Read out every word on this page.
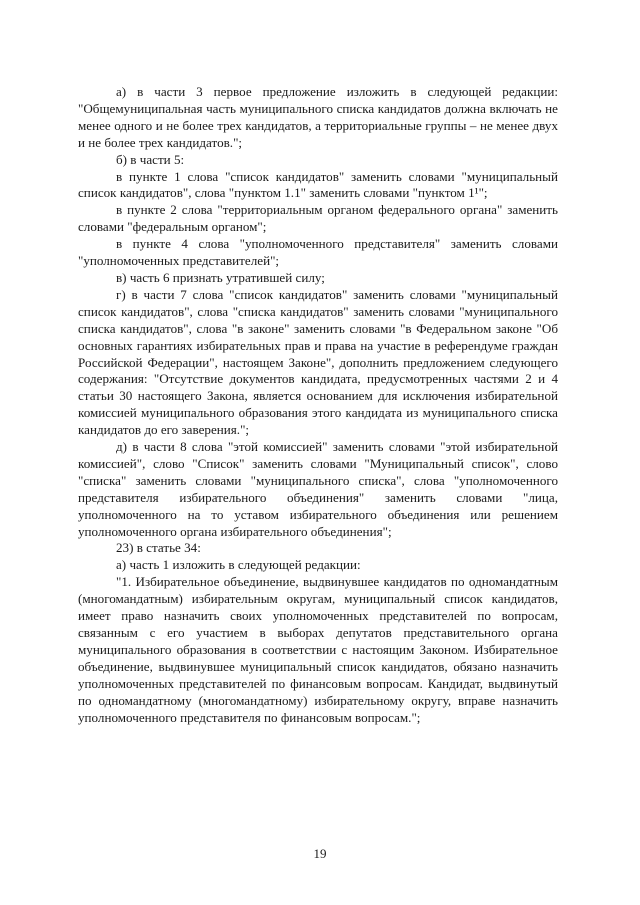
а) в части 3 первое предложение изложить в следующей редакции: "Общемуниципальная часть муниципального списка кандидатов должна включать не менее одного и не более трех кандидатов, а территориальные группы – не менее двух и не более трех кандидатов.";

б) в части 5:

в пункте 1 слова "список кандидатов" заменить словами "муниципальный список кандидатов", слова "пунктом 1.1" заменить словами "пунктом 1¹";

в пункте 2 слова "территориальным органом федерального органа" заменить словами "федеральным органом";

в пункте 4 слова "уполномоченного представителя" заменить словами "уполномоченных представителей";

в) часть 6 признать утратившей силу;

г) в части 7 слова "список кандидатов" заменить словами "муниципальный список кандидатов", слова "списка кандидатов" заменить словами "муниципального списка кандидатов", слова "в законе" заменить словами "в Федеральном законе "Об основных гарантиях избирательных прав и права на участие в референдуме граждан Российской Федерации", настоящем Законе", дополнить предложением следующего содержания: "Отсутствие документов кандидата, предусмотренных частями 2 и 4 статьи 30 настоящего Закона, является основанием для исключения избирательной комиссией муниципального образования этого кандидата из муниципального списка кандидатов до его заверения.";

д) в части 8 слова "этой комиссией" заменить словами "этой избирательной комиссией", слово "Список" заменить словами "Муниципальный список", слово "списка" заменить словами "муниципального списка", слова "уполномоченного представителя избирательного объединения" заменить словами "лица, уполномоченного на то уставом избирательного объединения или решением уполномоченного органа избирательного объединения";

23) в статье 34:

а) часть 1 изложить в следующей редакции:

"1. Избирательное объединение, выдвинувшее кандидатов по одномандатным (многомандатным) избирательным округам, муниципальный список кандидатов, имеет право назначить своих уполномоченных представителей по вопросам, связанным с его участием в выборах депутатов представительного органа муниципального образования в соответствии с настоящим Законом. Избирательное объединение, выдвинувшее муниципальный список кандидатов, обязано назначить уполномоченных представителей по финансовым вопросам. Кандидат, выдвинутый по одномандатному (многомандатному) избирательному округу, вправе назначить уполномоченного представителя по финансовым вопросам.";

19
